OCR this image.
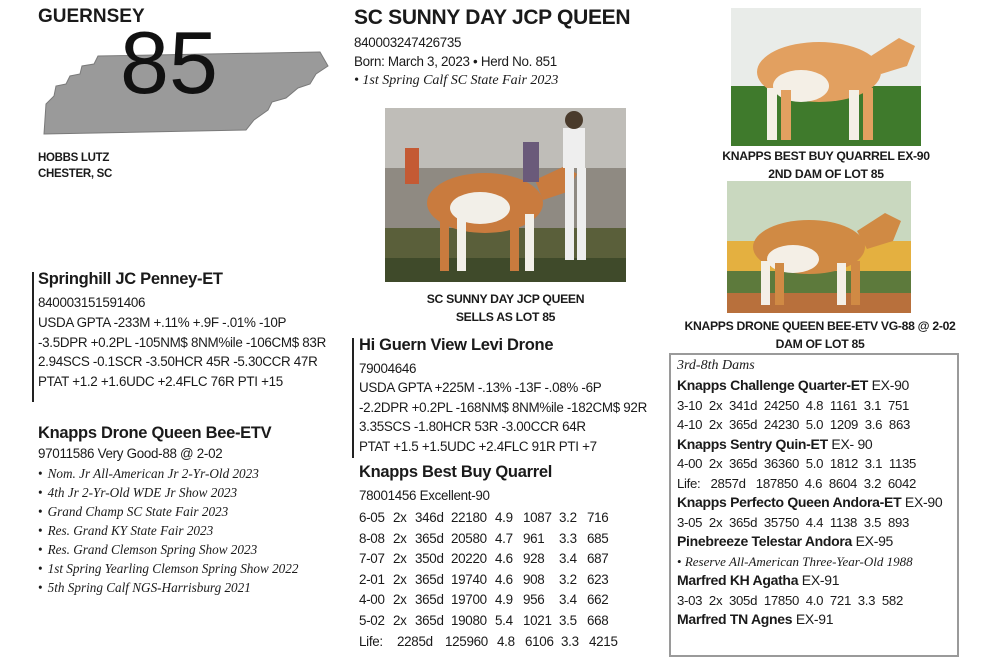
GUERNSEY
85
HOBBS LUTZ
CHESTER, SC
SC SUNNY DAY JCP QUEEN
840003247426735
Born: March 3, 2023 • Herd No. 851
• 1st Spring Calf SC State Fair 2023
SC SUNNY DAY JCP QUEEN
SELLS AS LOT 85
KNAPPS BEST BUY QUARREL EX-90
2ND DAM OF LOT 85
KNAPPS DRONE QUEEN BEE-ETV VG-88 @ 2-02
DAM OF LOT 85
Springhill JC Penney-ET
840003151591406
USDA GPTA -233M +.11% +.9F -.01% -10P
-3.5DPR +0.2PL -105NM$ 8NM%ile -106CM$ 83R
2.94SCS -0.1SCR -3.50HCR 45R -5.30CCR 47R
PTAT +1.2 +1.6UDC +2.4FLC 76R PTI +15
Knapps Drone Queen Bee-ETV
97011586 Very Good-88 @ 2-02
• Nom. Jr All-American Jr 2-Yr-Old 2023
• 4th Jr 2-Yr-Old WDE Jr Show 2023
• Grand Champ SC State Fair 2023
• Res. Grand KY State Fair 2023
• Res. Grand Clemson Spring Show 2023
• 1st Spring Yearling Clemson Spring Show 2022
• 5th Spring Calf NGS-Harrisburg 2021
Hi Guern View Levi Drone
79004646
USDA GPTA +225M -.13% -13F -.08% -6P
-2.2DPR +0.2PL -168NM$ 8NM%ile -182CM$ 92R
3.35SCS -1.80HCR 53R -3.00CCR 64R
PTAT +1.5 +1.5UDC +2.4FLC 91R PTI +7
Knapps Best Buy Quarrel
78001456 Excellent-90
6-05 2x 346d 22180 4.9 1087 3.2 716
8-08 2x 365d 20580 4.7 961 3.3 685
7-07 2x 350d 20220 4.6 928 3.4 687
2-01 2x 365d 19740 4.6 908 3.2 623
4-00 2x 365d 19700 4.9 956 3.4 662
5-02 2x 365d 19080 5.4 1021 3.5 668
Life: 2285d 125960 4.8 6106 3.3 4215
3rd-8th Dams
Knapps Challenge Quarter-ET EX-90
3-10  2x  341d  24250  4.8  1161  3.1  751
4-10  2x  365d  24230  5.0  1209  3.6  863
Knapps Sentry Quin-ET EX- 90
4-00  2x  365d  36360  5.0  1812  3.1  1135
Life:   2857d   187850  4.6  8604  3.2  6042
Knapps Perfecto Queen Andora-ET EX-90
3-05  2x  365d  35750  4.4  1138  3.5  893
Pinebreeze Telestar Andora EX-95
• Reserve All-American Three-Year-Old 1988
Marfred KH Agatha EX-91
3-03  2x  305d  17850  4.0  721  3.3  582
Marfred TN Agnes EX-91
